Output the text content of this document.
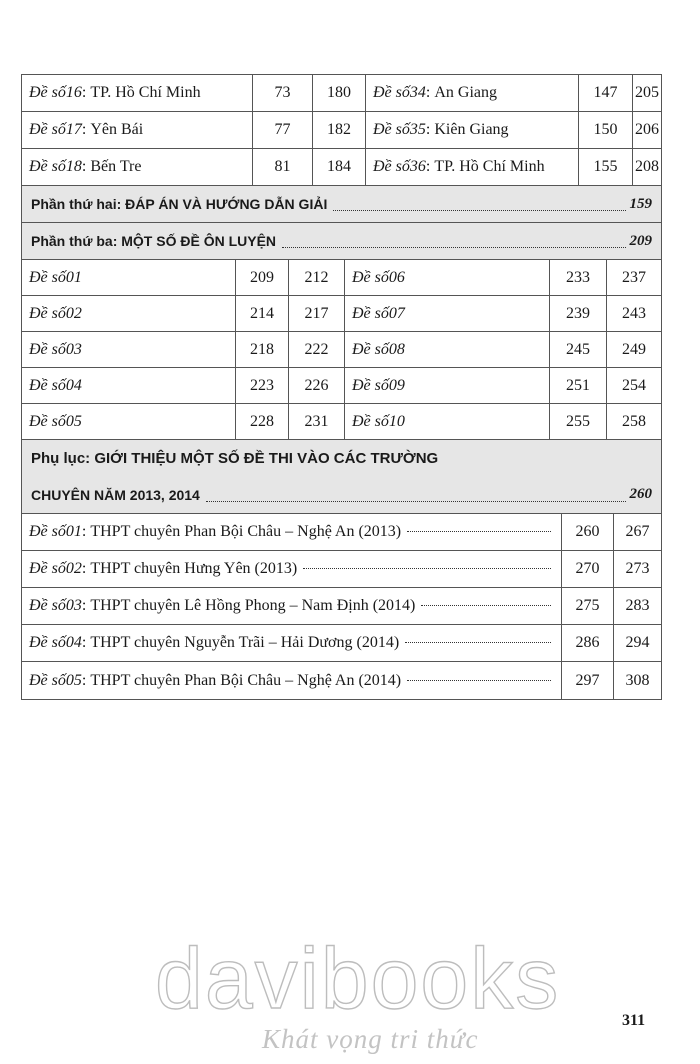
Đề số 16 : TP. Hồ Chí Minh	73	180	Đề số 34 : An Giang	147	205
Đề số 17 : Yên Bái	77	182	Đề số 35 : Kiên Giang	150	206
Đề số 18 : Bến Tre	81	184	Đề số 36 : TP. Hồ Chí Minh	155	208
Phần thứ hai: ĐÁP ÁN VÀ HƯỚNG DẪN GIẢI	159
Phần thứ ba: MỘT SỐ ĐỀ ÔN LUYỆN	209
Đề số 01	209	212	Đề số 06	233	237
Đề số 02	214	217	Đề số 07	239	243
Đề số 03	218	222	Đề số 08	245	249
Đề số 04	223	226	Đề số 09	251	254
Đề số 05	228	231	Đề số 10	255	258
Phụ lục: GIỚI THIỆU MỘT SỐ ĐỀ THI VÀO CÁC TRƯỜNG
CHUYÊN NĂM 2013, 2014	260
Đề số 01 : THPT chuyên Phan Bội Châu – Nghệ An (2013)	260	267
Đề số 02 : THPT chuyên Hưng Yên (2013)	270	273
Đề số 03 : THPT chuyên Lê Hồng Phong – Nam Định (2014)	275	283
Đề số 04 : THPT chuyên Nguyễn Trãi – Hải Dương (2014)	286	294
Đề số 05 : THPT chuyên Phan Bội Châu – Nghệ An (2014)	297	308
davibooks
Khát vọng tri thức
311
